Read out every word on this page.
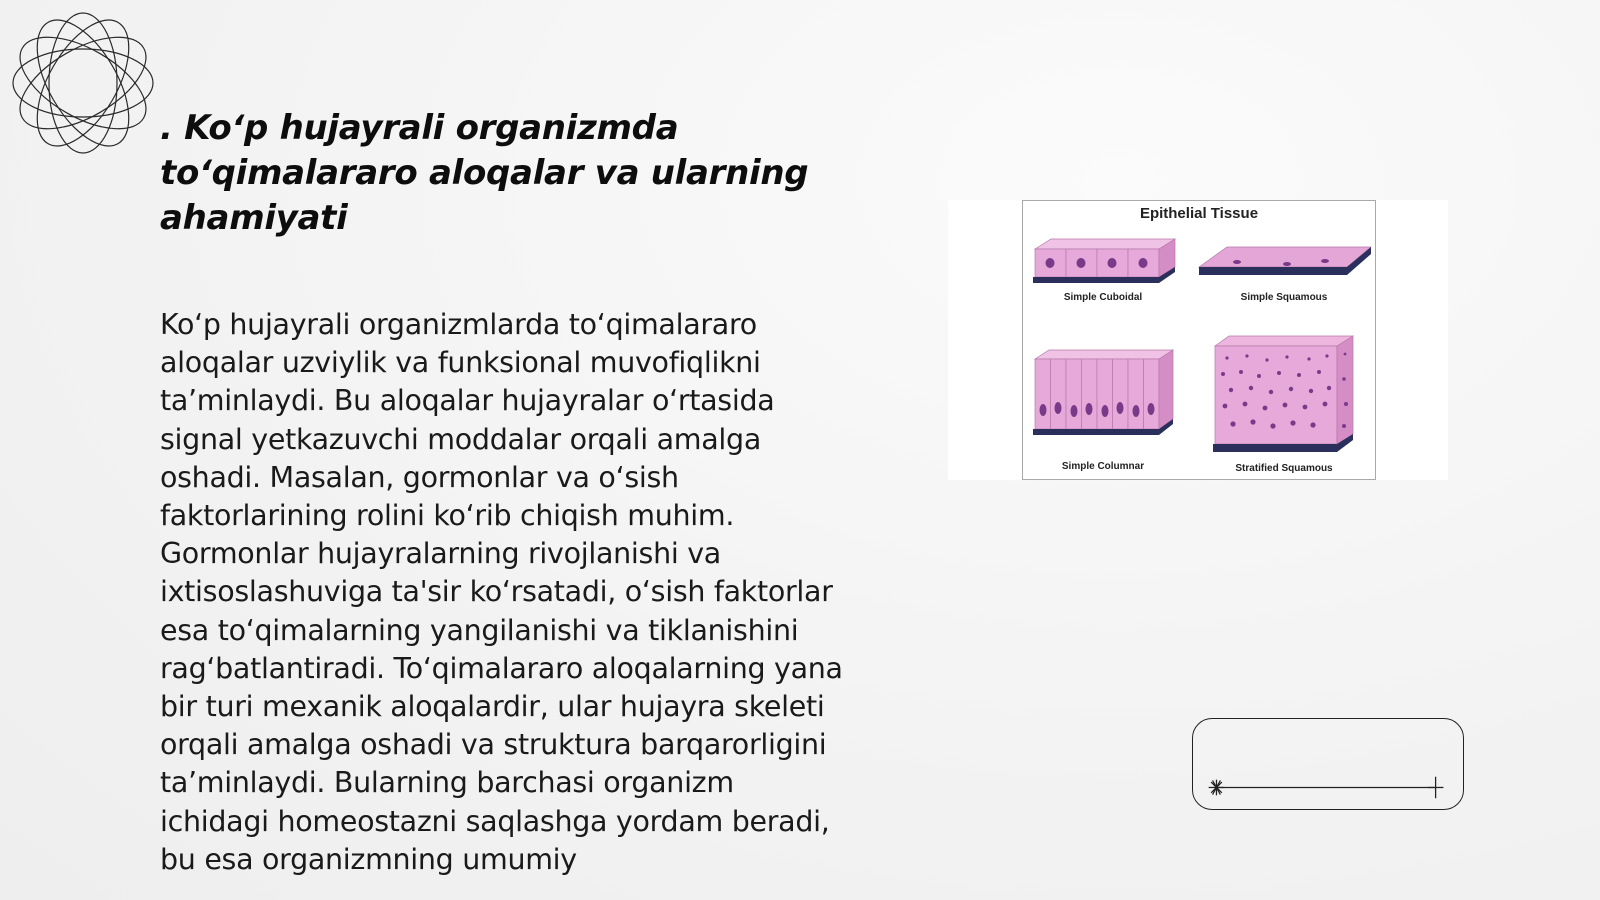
. Ko‘p hujayrali organizmda to‘qimalararo aloqalar va ularning ahamiyati

Ko‘p hujayrali organizmlarda to‘qimalararo aloqalar uzviylik va funksional muvofiqlikni ta’minlaydi. Bu aloqalar hujayralar o‘rtasida signal yetkazuvchi moddalar orqali amalga oshadi. Masalan, gormonlar va o‘sish faktorlarining rolini ko‘rib chiqish muhim. Gormonlar hujayralarning rivojlanishi va ixtisoslashuviga ta'sir ko‘rsatadi, o‘sish faktorlar esa to‘qimalarning yangilanishi va tiklanishini rag‘batlantiradi. To‘qimalararo aloqalarning yana bir turi mexanik aloqalardir, ular hujayra skeleti orqali amalga oshadi va struktura barqarorligini ta’minlaydi. Bularning barchasi organizm ichidagi homeostazni saqlashga yordam beradi, bu esa organizmning umumiy

Epithelial Tissue
Simple Cuboidal	Simple Squamous
Simple Columnar	Stratified Squamous
